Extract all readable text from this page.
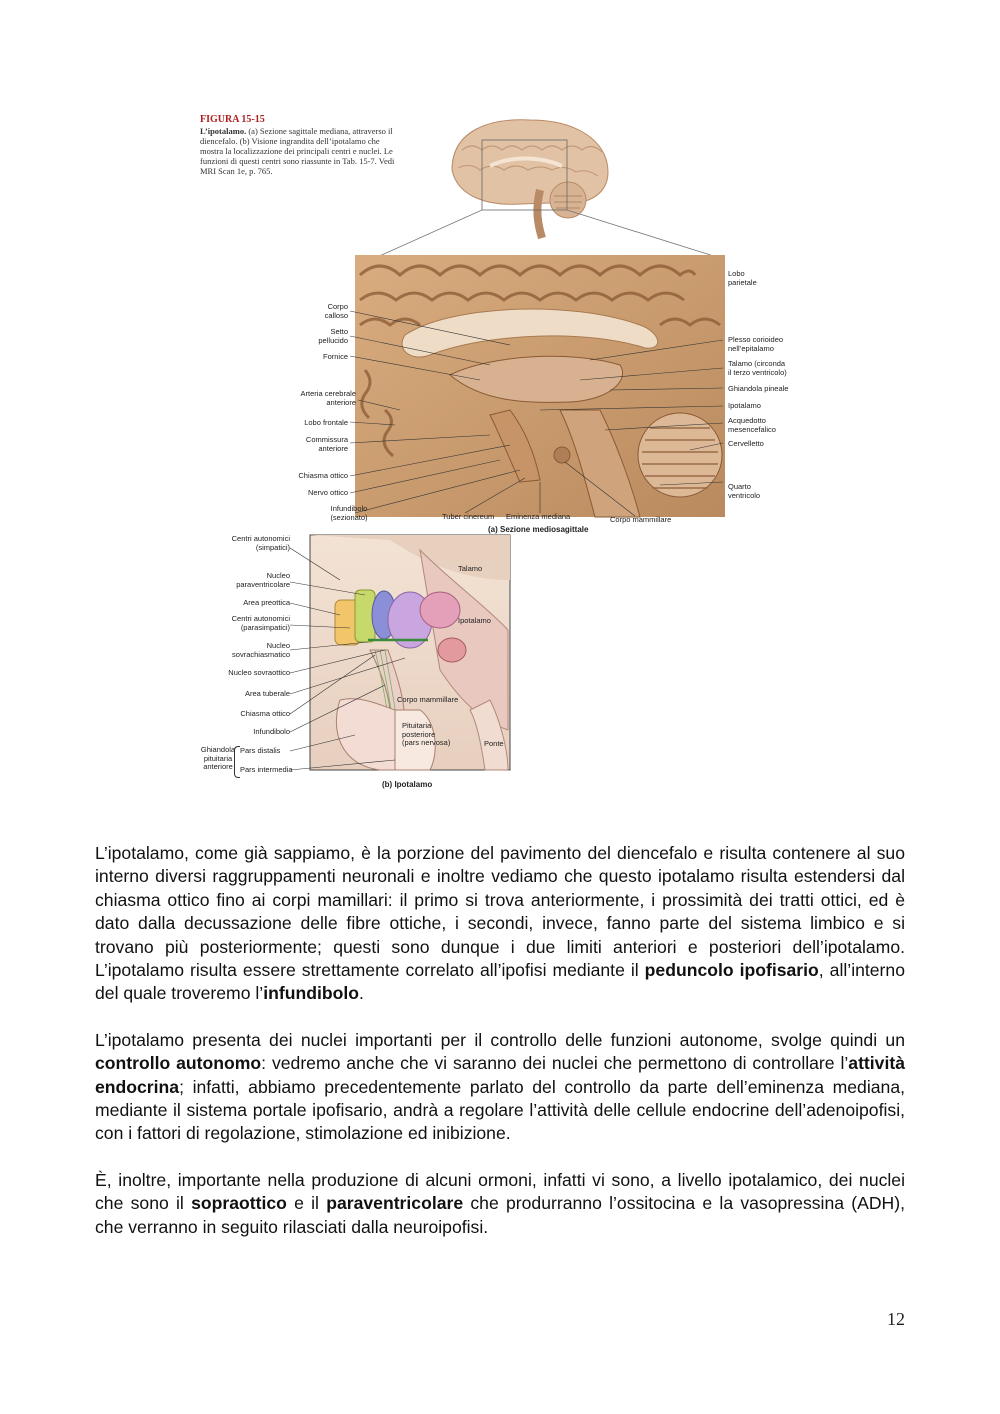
FIGURA 15-15
L’ipotalamo. (a) Sezione sagittale mediana, attraverso il diencefalo. (b) Visione ingrandita dell’ipotalamo che mostra la localizzazione dei principali centri e nuclei. Le funzioni di questi centri sono riassunte in Tab. 15-7. Vedi MRI Scan 1e, p. 765.
Corpo
calloso
Setto
pellucido
Fornice
Arteria cerebrale
anteriore
Lobo frontale
Commissura
anteriore
Chiasma ottico
Nervo ottico
Infundibolo
(sezionato)
Lobo
parietale
Plesso corioideo
nell’epitalamo
Talamo (circonda
il terzo ventricolo)
Ghiandola pineale
Ipotalamo
Acquedotto
mesencefalico
Cervelletto
Quarto
ventricolo
Tuber cinereum Eminenza mediana	Corpo mammillare
(a) Sezione mediosagittale
Centri autonomici
(simpatici)
Nucleo
paraventricolare
Area preottica
Centri autonomici
(parasimpatici)
Nucleo
sovrachiasmatico
Nucleo sovraottico
Area tuberale
Chiasma ottico
Infundibolo
Pars distalis
Pars intermedia
Ghiandola
pituitaria
anteriore
Talamo
Ipotalamo
Corpo mammillare
Pituitaria
posteriore
(pars nervosa)	Ponte
(b) Ipotalamo

L’ipotalamo, come già sappiamo, è la porzione del pavimento del diencefalo e risulta contenere al suo interno diversi raggruppamenti neuronali e inoltre vediamo che questo ipotalamo risulta estendersi dal chiasma ottico fino ai corpi mamillari: il primo si trova anteriormente, i prossimità dei tratti ottici, ed è dato dalla decussazione delle fibre ottiche, i secondi, invece, fanno parte del sistema limbico e si trovano più posteriormente; questi sono dunque i due limiti anteriori e posteriori dell’ipotalamo. L’ipotalamo risulta essere strettamente correlato all’ipofisi mediante il peduncolo ipofisario, all’interno del quale troveremo l’infundibolo.

L’ipotalamo presenta dei nuclei importanti per il controllo delle funzioni autonome, svolge quindi un controllo autonomo: vedremo anche che vi saranno dei nuclei che permettono di controllare l’attività endocrina; infatti, abbiamo precedentemente parlato del controllo da parte dell’eminenza mediana, mediante il sistema portale ipofisario, andrà a regolare l’attività delle cellule endocrine dell’adenoipofisi, con i fattori di regolazione, stimolazione ed inibizione.

È, inoltre, importante nella produzione di alcuni ormoni, infatti vi sono, a livello ipotalamico, dei nuclei che sono il sopraottico e il paraventricolare che produrranno l’ossitocina e la vasopressina (ADH), che verranno in seguito rilasciati dalla neuroipofisi.

12
